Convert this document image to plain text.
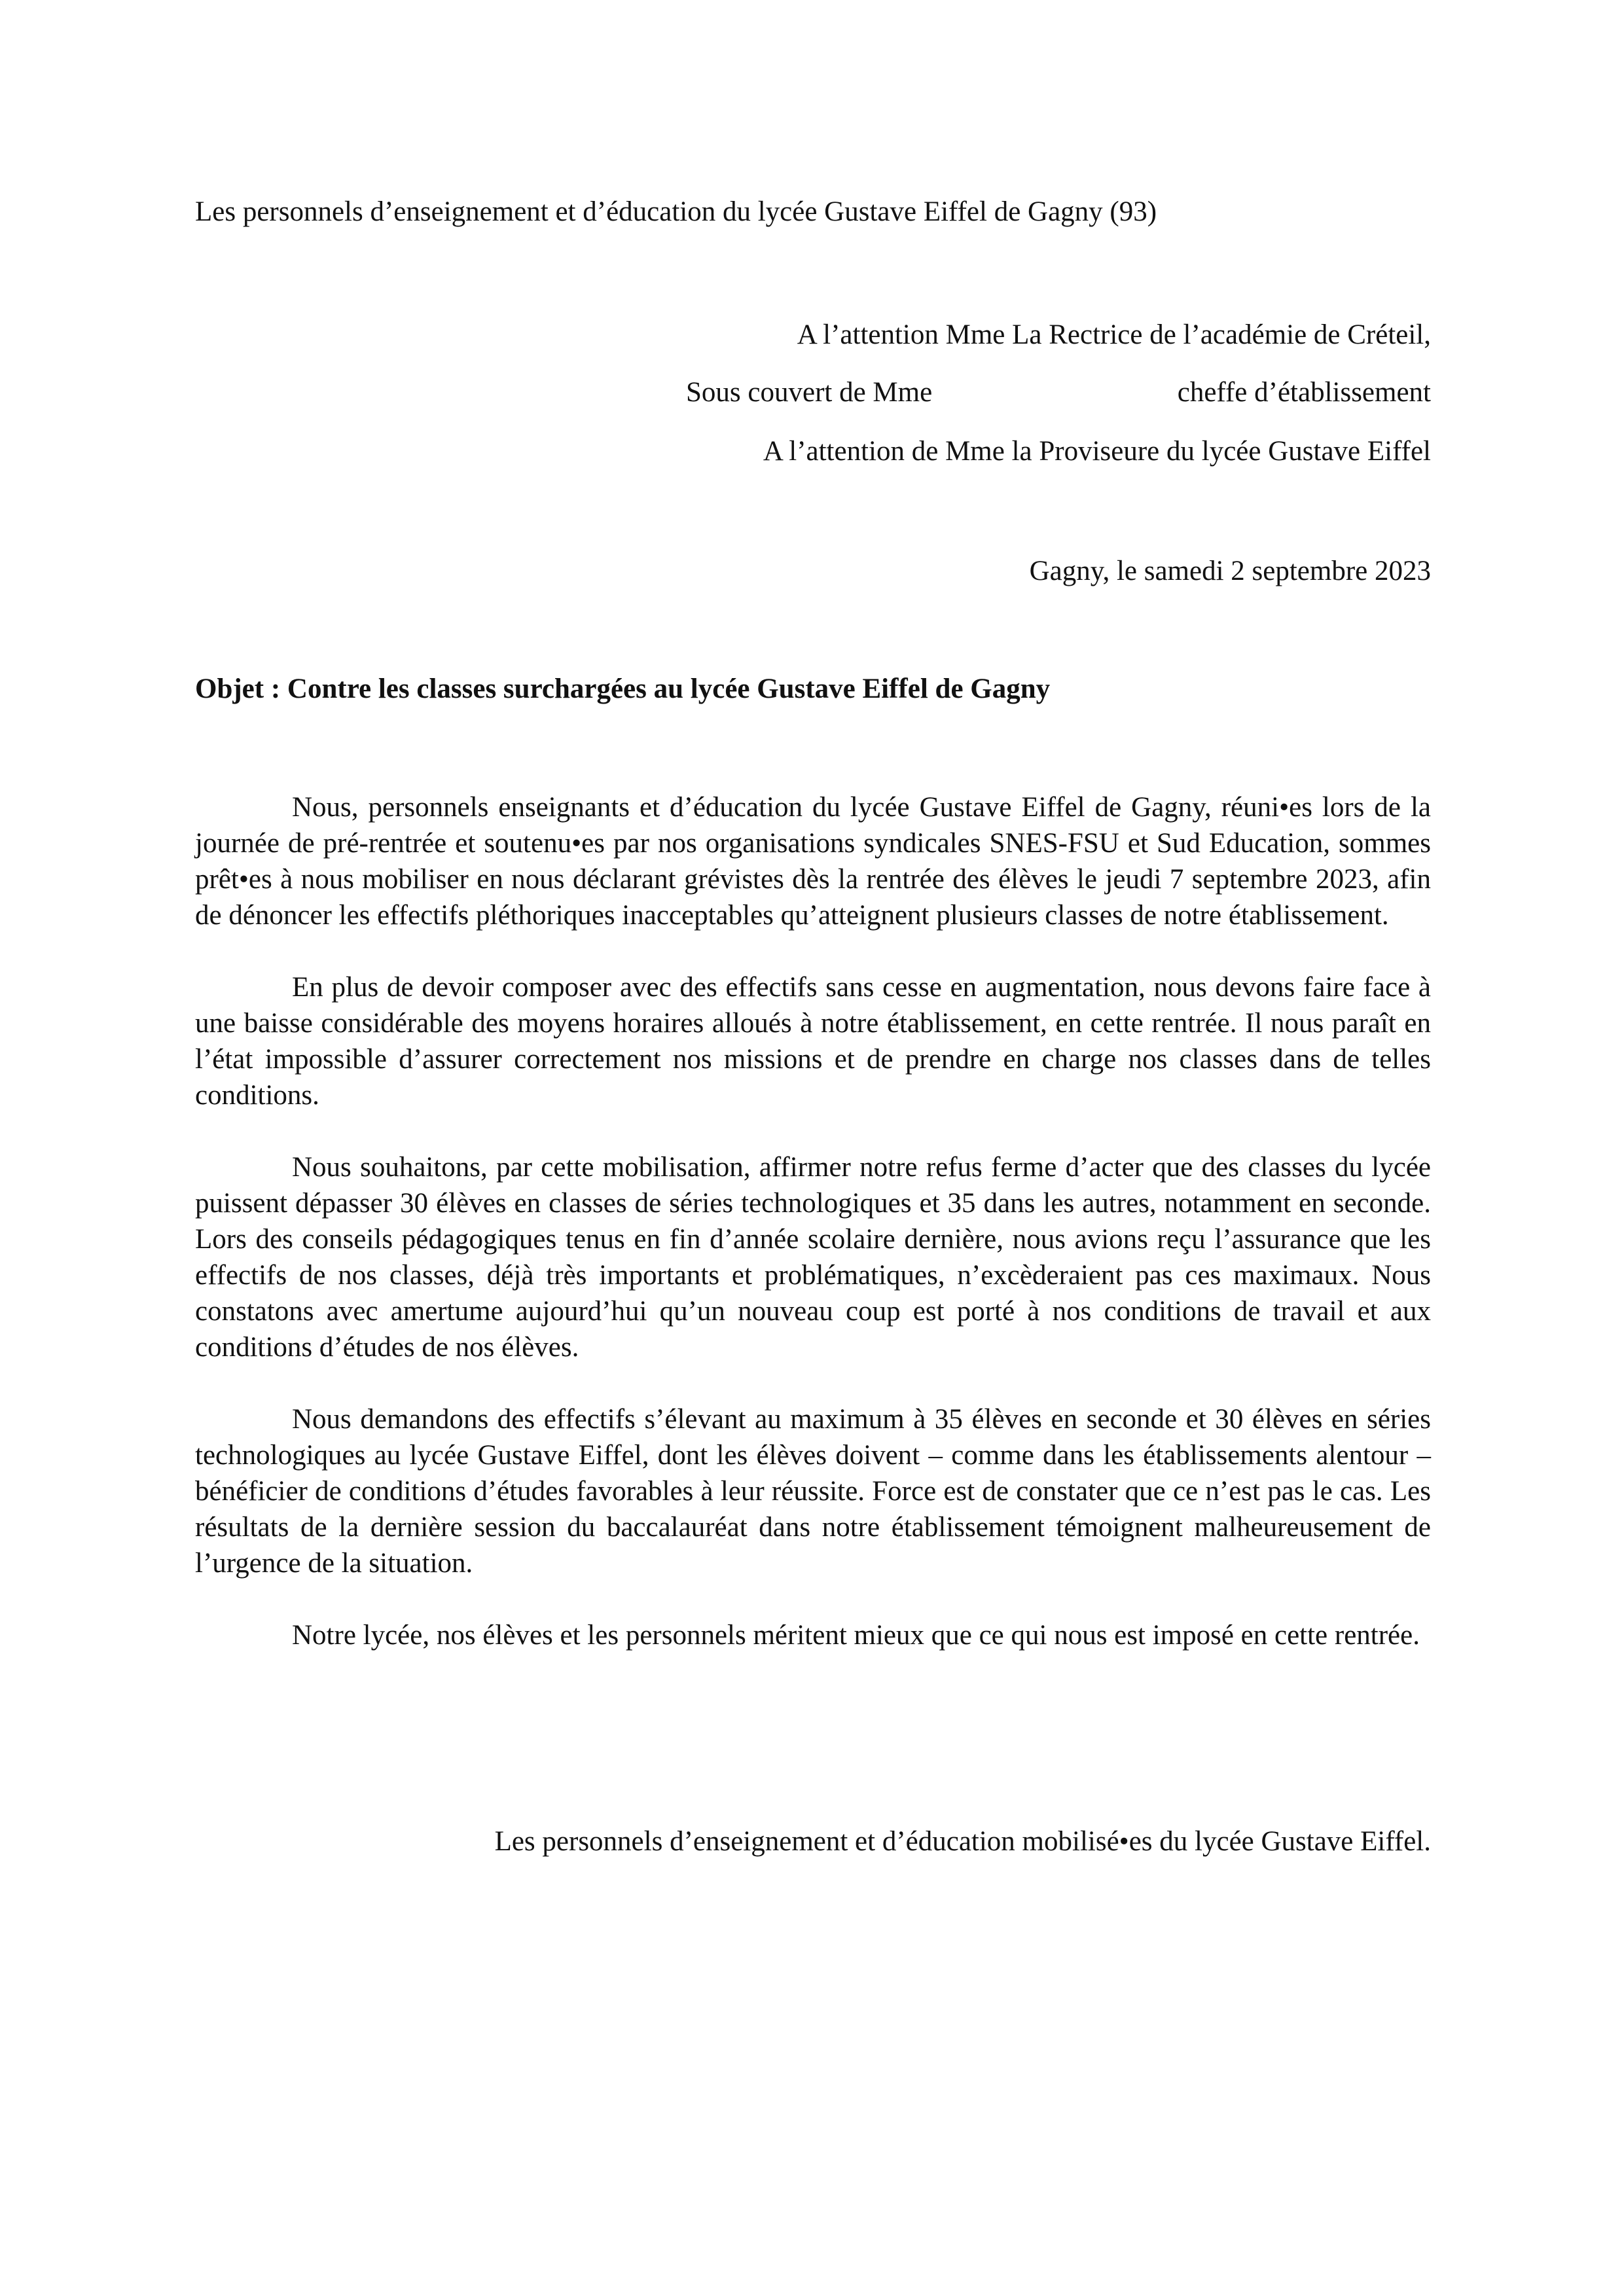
Les personnels d’enseignement et d’éducation du lycée Gustave Eiffel de Gagny (93)
A l’attention Mme La Rectrice de l’académie de Créteil,
Sous couvert de Mme	cheffe d’établissement
A l’attention de Mme la Proviseure du lycée Gustave Eiffel
Gagny, le samedi 2 septembre 2023
Objet : Contre les classes surchargées au lycée Gustave Eiffel de Gagny

Nous, personnels enseignants et d’éducation du lycée Gustave Eiffel de Gagny, réuni•es lors de la journée de pré-rentrée et soutenu•es par nos organisations syndicales SNES-FSU et Sud Education, sommes prêt•es à nous mobiliser en nous déclarant grévistes dès la rentrée des élèves le jeudi 7 septembre 2023, afin de dénoncer les effectifs pléthoriques inacceptables qu’atteignent plusieurs classes de notre établissement.

En plus de devoir composer avec des effectifs sans cesse en augmentation, nous devons faire face à une baisse considérable des moyens horaires alloués à notre établissement, en cette rentrée. Il nous paraît en l’état impossible d’assurer correctement nos missions et de prendre en charge nos classes dans de telles conditions.

Nous souhaitons, par cette mobilisation, affirmer notre refus ferme d’acter que des classes du lycée puissent dépasser 30 élèves en classes de séries technologiques et 35 dans les autres, notamment en seconde. Lors des conseils pédagogiques tenus en fin d’année scolaire dernière, nous avions reçu l’assurance que les effectifs de nos classes, déjà très importants et problématiques, n’excèderaient pas ces maximaux. Nous constatons avec amertume aujourd’hui qu’un nouveau coup est porté à nos conditions de travail et aux conditions d’études de nos élèves.

Nous demandons des effectifs s’élevant au maximum à 35 élèves en seconde et 30 élèves en séries technologiques au lycée Gustave Eiffel, dont les élèves doivent – comme dans les établissements alentour – bénéficier de conditions d’études favorables à leur réussite. Force est de constater que ce n’est pas le cas. Les résultats de la dernière session du baccalauréat dans notre établissement témoignent malheureusement de l’urgence de la situation.

Notre lycée, nos élèves et les personnels méritent mieux que ce qui nous est imposé en cette rentrée.

Les personnels d’enseignement et d’éducation mobilisé•es du lycée Gustave Eiffel.
